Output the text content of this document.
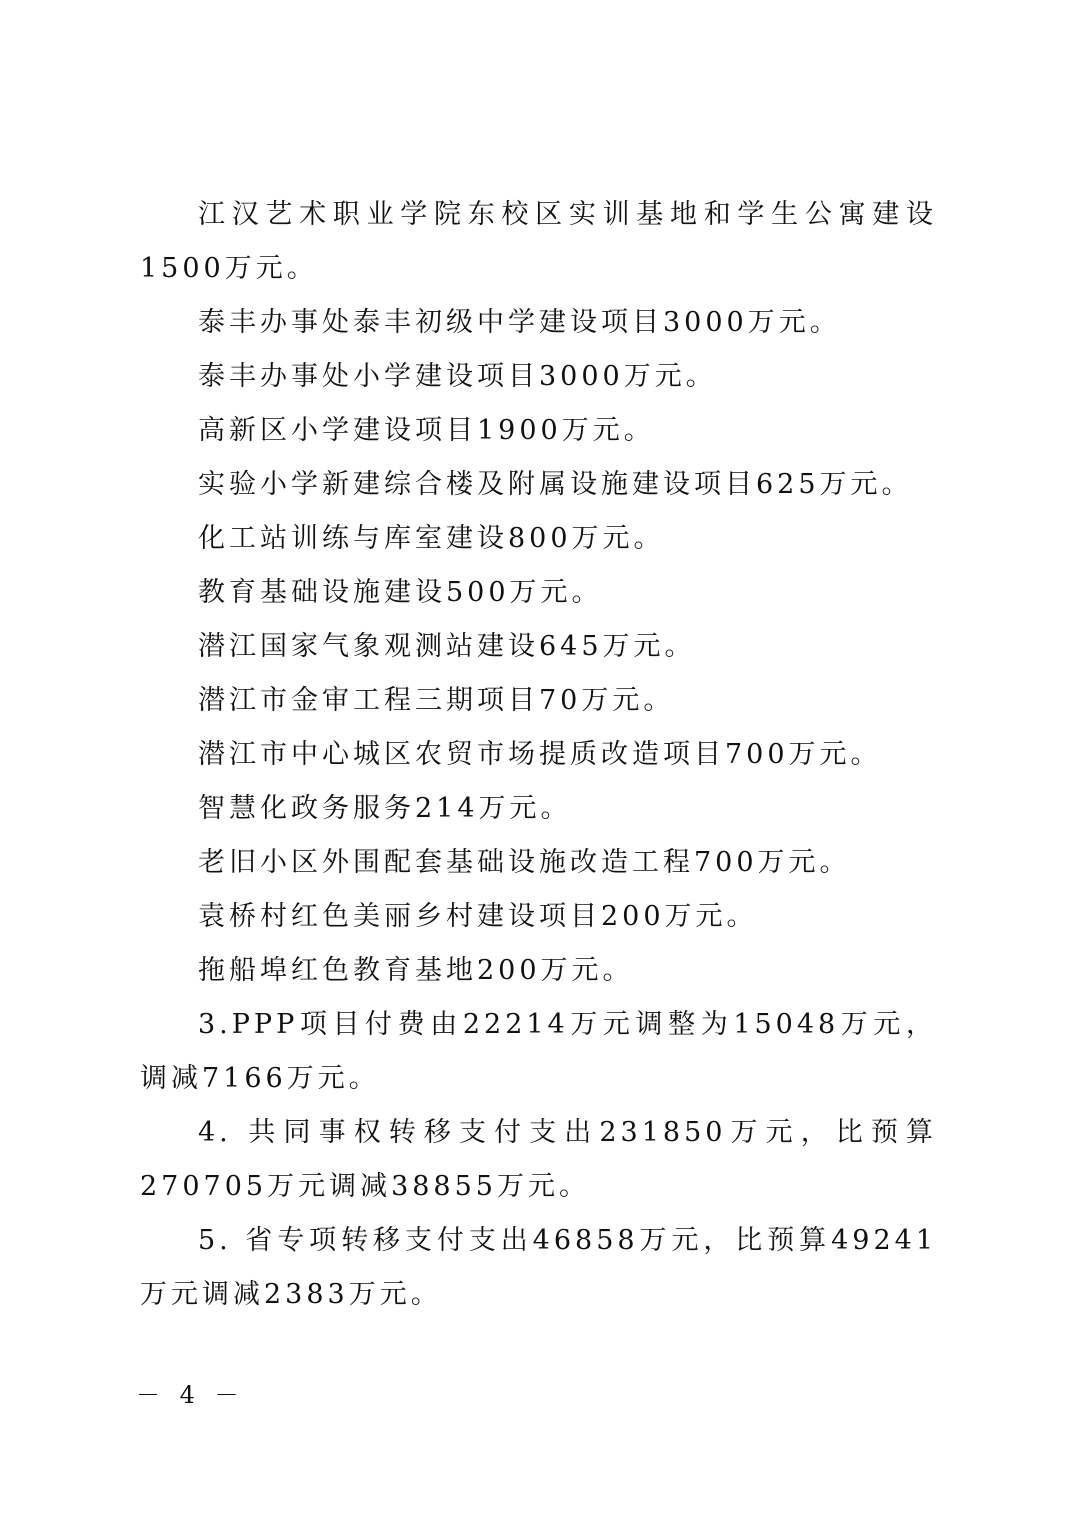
江汉艺术职业学院东校区实训基地和学生公寓建设1500万元。

泰丰办事处泰丰初级中学建设项目3000万元。

泰丰办事处小学建设项目3000万元。

高新区小学建设项目1900万元。

实验小学新建综合楼及附属设施建设项目625万元。

化工站训练与库室建设800万元。

教育基础设施建设500万元。

潜江国家气象观测站建设645万元。

潜江市金审工程三期项目70万元。

潜江市中心城区农贸市场提质改造项目700万元。

智慧化政务服务214万元。

老旧小区外围配套基础设施改造工程700万元。

袁桥村红色美丽乡村建设项目200万元。

拖船埠红色教育基地200万元。

3.PPP项目付费由22214万元调整为15048万元，调减7166万元。

4. 共同事权转移支付支出231850万元，比预算270705万元调减38855万元。

5. 省专项转移支付支出46858万元，比预算49241万元调减2383万元。

－ 4 －
